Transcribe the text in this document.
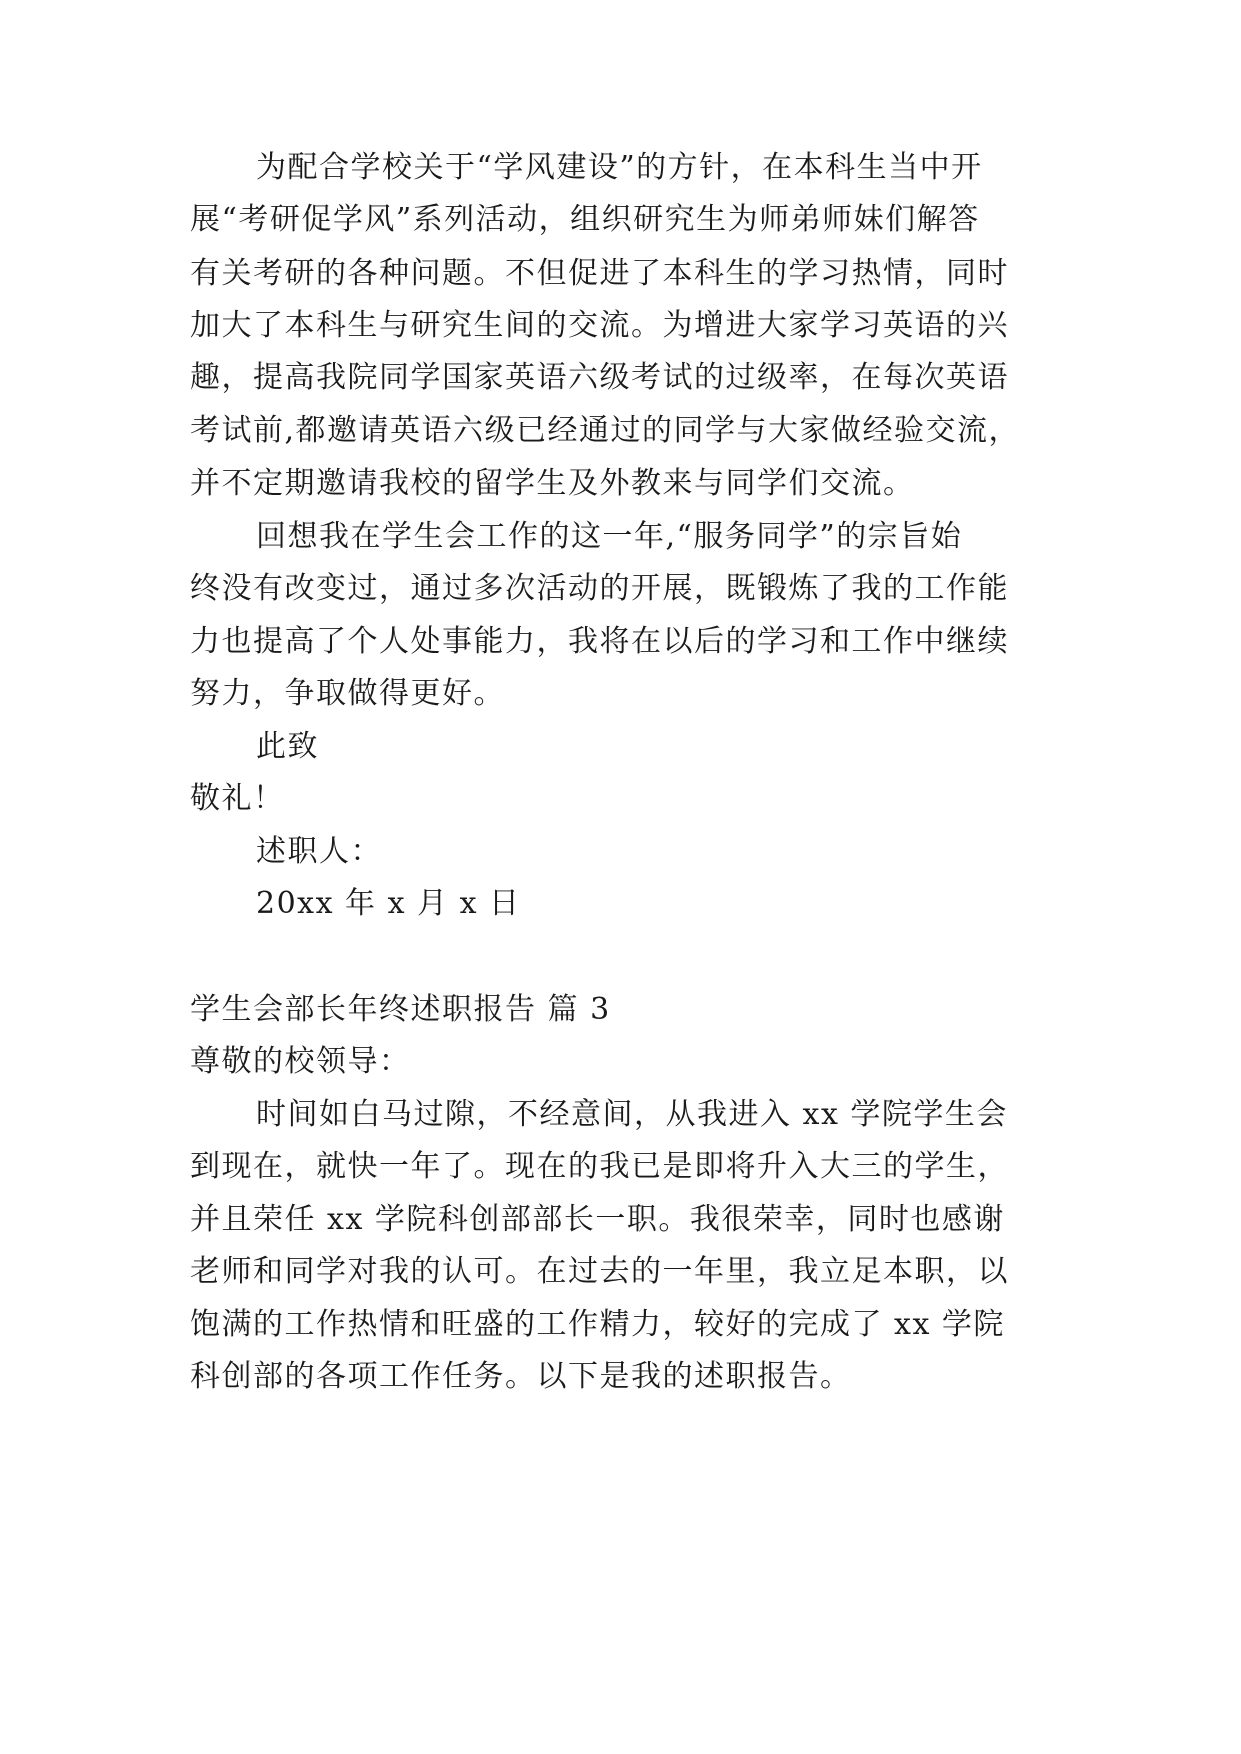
为配合学校关于“学风建设”的方针，在本科生当中开
展“考研促学风”系列活动，组织研究生为师弟师妹们解答
有关考研的各种问题。不但促进了本科生的学习热情，同时
加大了本科生与研究生间的交流。为增进大家学习英语的兴
趣，提高我院同学国家英语六级考试的过级率，在每次英语
考试前,都邀请英语六级已经通过的同学与大家做经验交流，
并不定期邀请我校的留学生及外教来与同学们交流。
回想我在学生会工作的这一年,“服务同学”的宗旨始
终没有改变过，通过多次活动的开展，既锻炼了我的工作能
力也提高了个人处事能力，我将在以后的学习和工作中继续
努力，争取做得更好。
此致
敬礼！
述职人：
20xx 年 x 月 x 日
学生会部长年终述职报告 篇 3
尊敬的校领导：
时间如白马过隙，不经意间，从我进入 xx 学院学生会
到现在，就快一年了。现在的我已是即将升入大三的学生，
并且荣任 xx 学院科创部部长一职。我很荣幸，同时也感谢
老师和同学对我的认可。在过去的一年里，我立足本职，以
饱满的工作热情和旺盛的工作精力，较好的完成了 xx 学院
科创部的各项工作任务。以下是我的述职报告。
